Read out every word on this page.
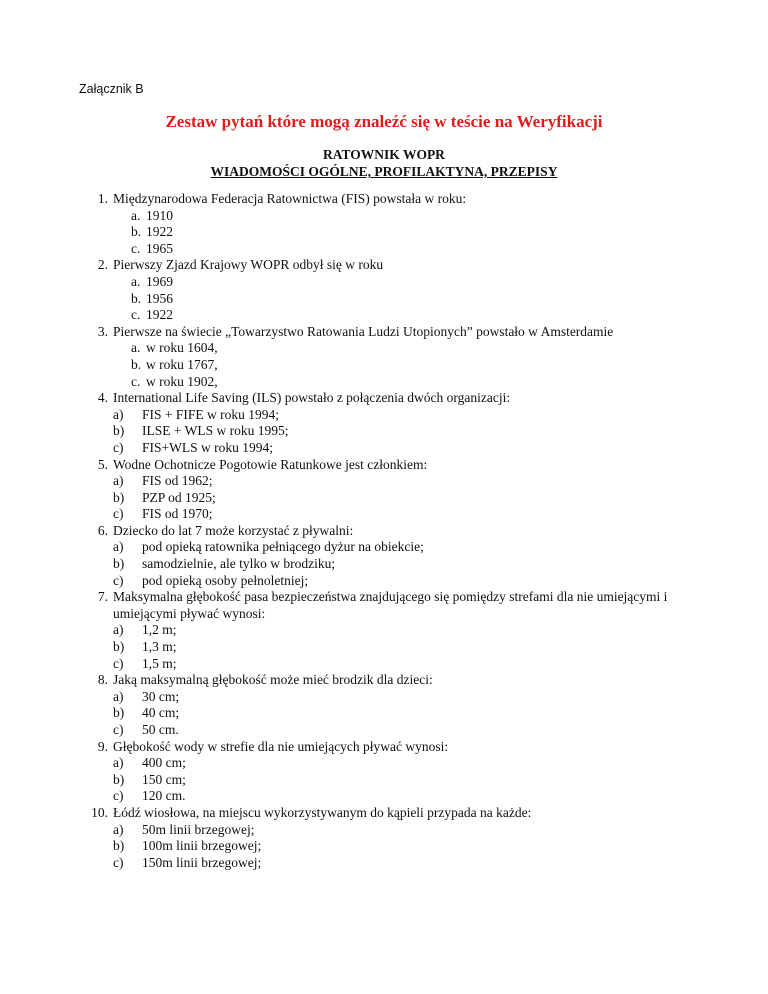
Załącznik B
Zestaw pytań które mogą znaleźć się w teście na Weryfikacji
RATOWNIK WOPR
WIADOMOŚCI OGÓLNE, PROFILAKTYNA, PRZEPISY
1. Międzynarodowa Federacja Ratownictwa (FIS) powstała w roku:
a. 1910
b. 1922
c. 1965
2. Pierwszy Zjazd Krajowy WOPR odbył się w roku
a. 1969
b. 1956
c. 1922
3. Pierwsze na świecie „Towarzystwo Ratowania Ludzi Utopionych” powstało w Amsterdamie
a. w roku 1604,
b. w roku 1767,
c. w roku 1902,
4. International Life Saving (ILS) powstało z połączenia dwóch organizacji:
a) FIS + FIFE w roku 1994;
b) ILSE + WLS w roku 1995;
c) FIS+WLS w roku 1994;
5. Wodne Ochotnicze Pogotowie Ratunkowe jest członkiem:
a) FIS od 1962;
b) PZP od 1925;
c) FIS od 1970;
6. Dziecko do lat 7 może korzystać z pływalni:
a) pod opieką ratownika pełniącego dyżur na obiekcie;
b) samodzielnie, ale tylko w brodziku;
c) pod opieką osoby pełnoletniej;
7. Maksymalna głębokość pasa bezpieczeństwa znajdującego się pomiędzy strefami dla nie umiejącymi i umiejącymi pływać wynosi:
a) 1,2 m;
b) 1,3 m;
c) 1,5 m;
8. Jaką maksymalną głębokość może mieć brodzik dla dzieci:
a) 30 cm;
b) 40 cm;
c) 50 cm.
9. Głębokość wody w strefie dla nie umiejących pływać wynosi:
a) 400 cm;
b) 150 cm;
c) 120 cm.
10. Łódź wiosłowa, na miejscu wykorzystywanym do kąpieli przypada na każde:
a) 50m linii brzegowej;
b) 100m linii brzegowej;
c) 150m linii brzegowej;
